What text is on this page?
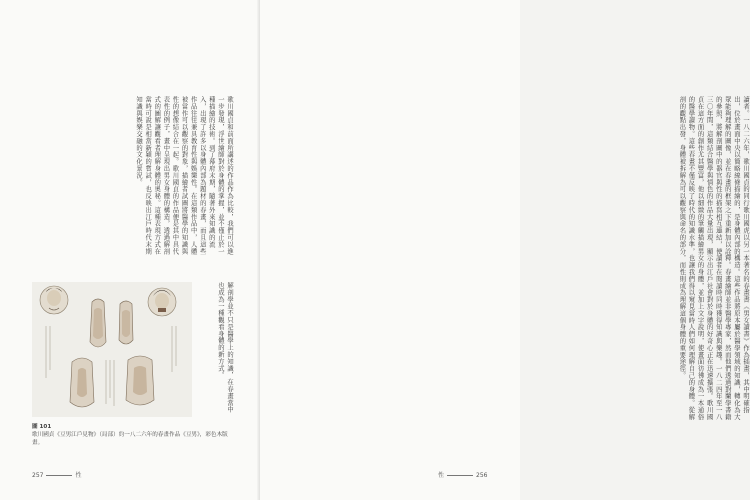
歌川國貞和前面所講述的作品作為比較，我們可以進一步發現，浮世繪師對於身體的掌握，並不僅止於一種描繪的技術。到了幕府末期，隨著外來知識的流入，出現了許多以身體內部為題材的春畫，而且這些作品往往兼具教育性與娛樂性。在這類作品中，人體被當作可以觀察的對象，描繪者試圖將醫學的知識與性的想像結合在一起。歌川國貞的作品便是其中具代表性的例子，畫中呈現出男女身體的構造，透過解剖式的圖解讓觀看者理解身體的奧秘。這種表現方式在當時可說是相當新穎的嘗試，也反映出江戶時代末期知識與娛樂交融的文化景況。

解剖學並不只是醫學上的知識，在春畫當中也成為一種觀看身體的新方式。

圖 101
歌川國貞《豆男江戶見物》（局部）約一八二六年的春畫作品《豆男》，彩色木版畫。
257	性

讀者。一八二六年，歌川國貞的同行歌川國虎以另一本著名的春畫書《男女讀書》作為插畫，其中明確指出，位於畫面中央以簡略線條描繪的，是身體內部的構造。這些作品將原本屬於醫學領域的知識，轉化為大眾能夠理解的圖像，並在春畫的框架之下重新加以詮釋。春畫繪師並非醫學專家，然而他們透過對蘭學書籍的參照，將解剖圖中的器官與性的描寫相互連結，使讀者在閱讀時同時獲得知識與樂趣。一八二四年至一八三〇年間，這類結合醫學與情色的作品大量出現，顯示出江戶社會對於身體的好奇心正在迅速擴張。歌川國貞在這方面的創作尤其豐富，他以細緻的筆觸描繪男女的身體，並加上文字說明，使畫面彷彿成為一本通俗的醫學讀物。這些春畫不僅反映了時代的知識水準，也讓我們得以窺見當時人們如何理解自己的身體。從解剖的觀點出發，身體被拆解為可以觀察與命名的部分，而性則成為理解這個身體的重要途徑。

性	256
